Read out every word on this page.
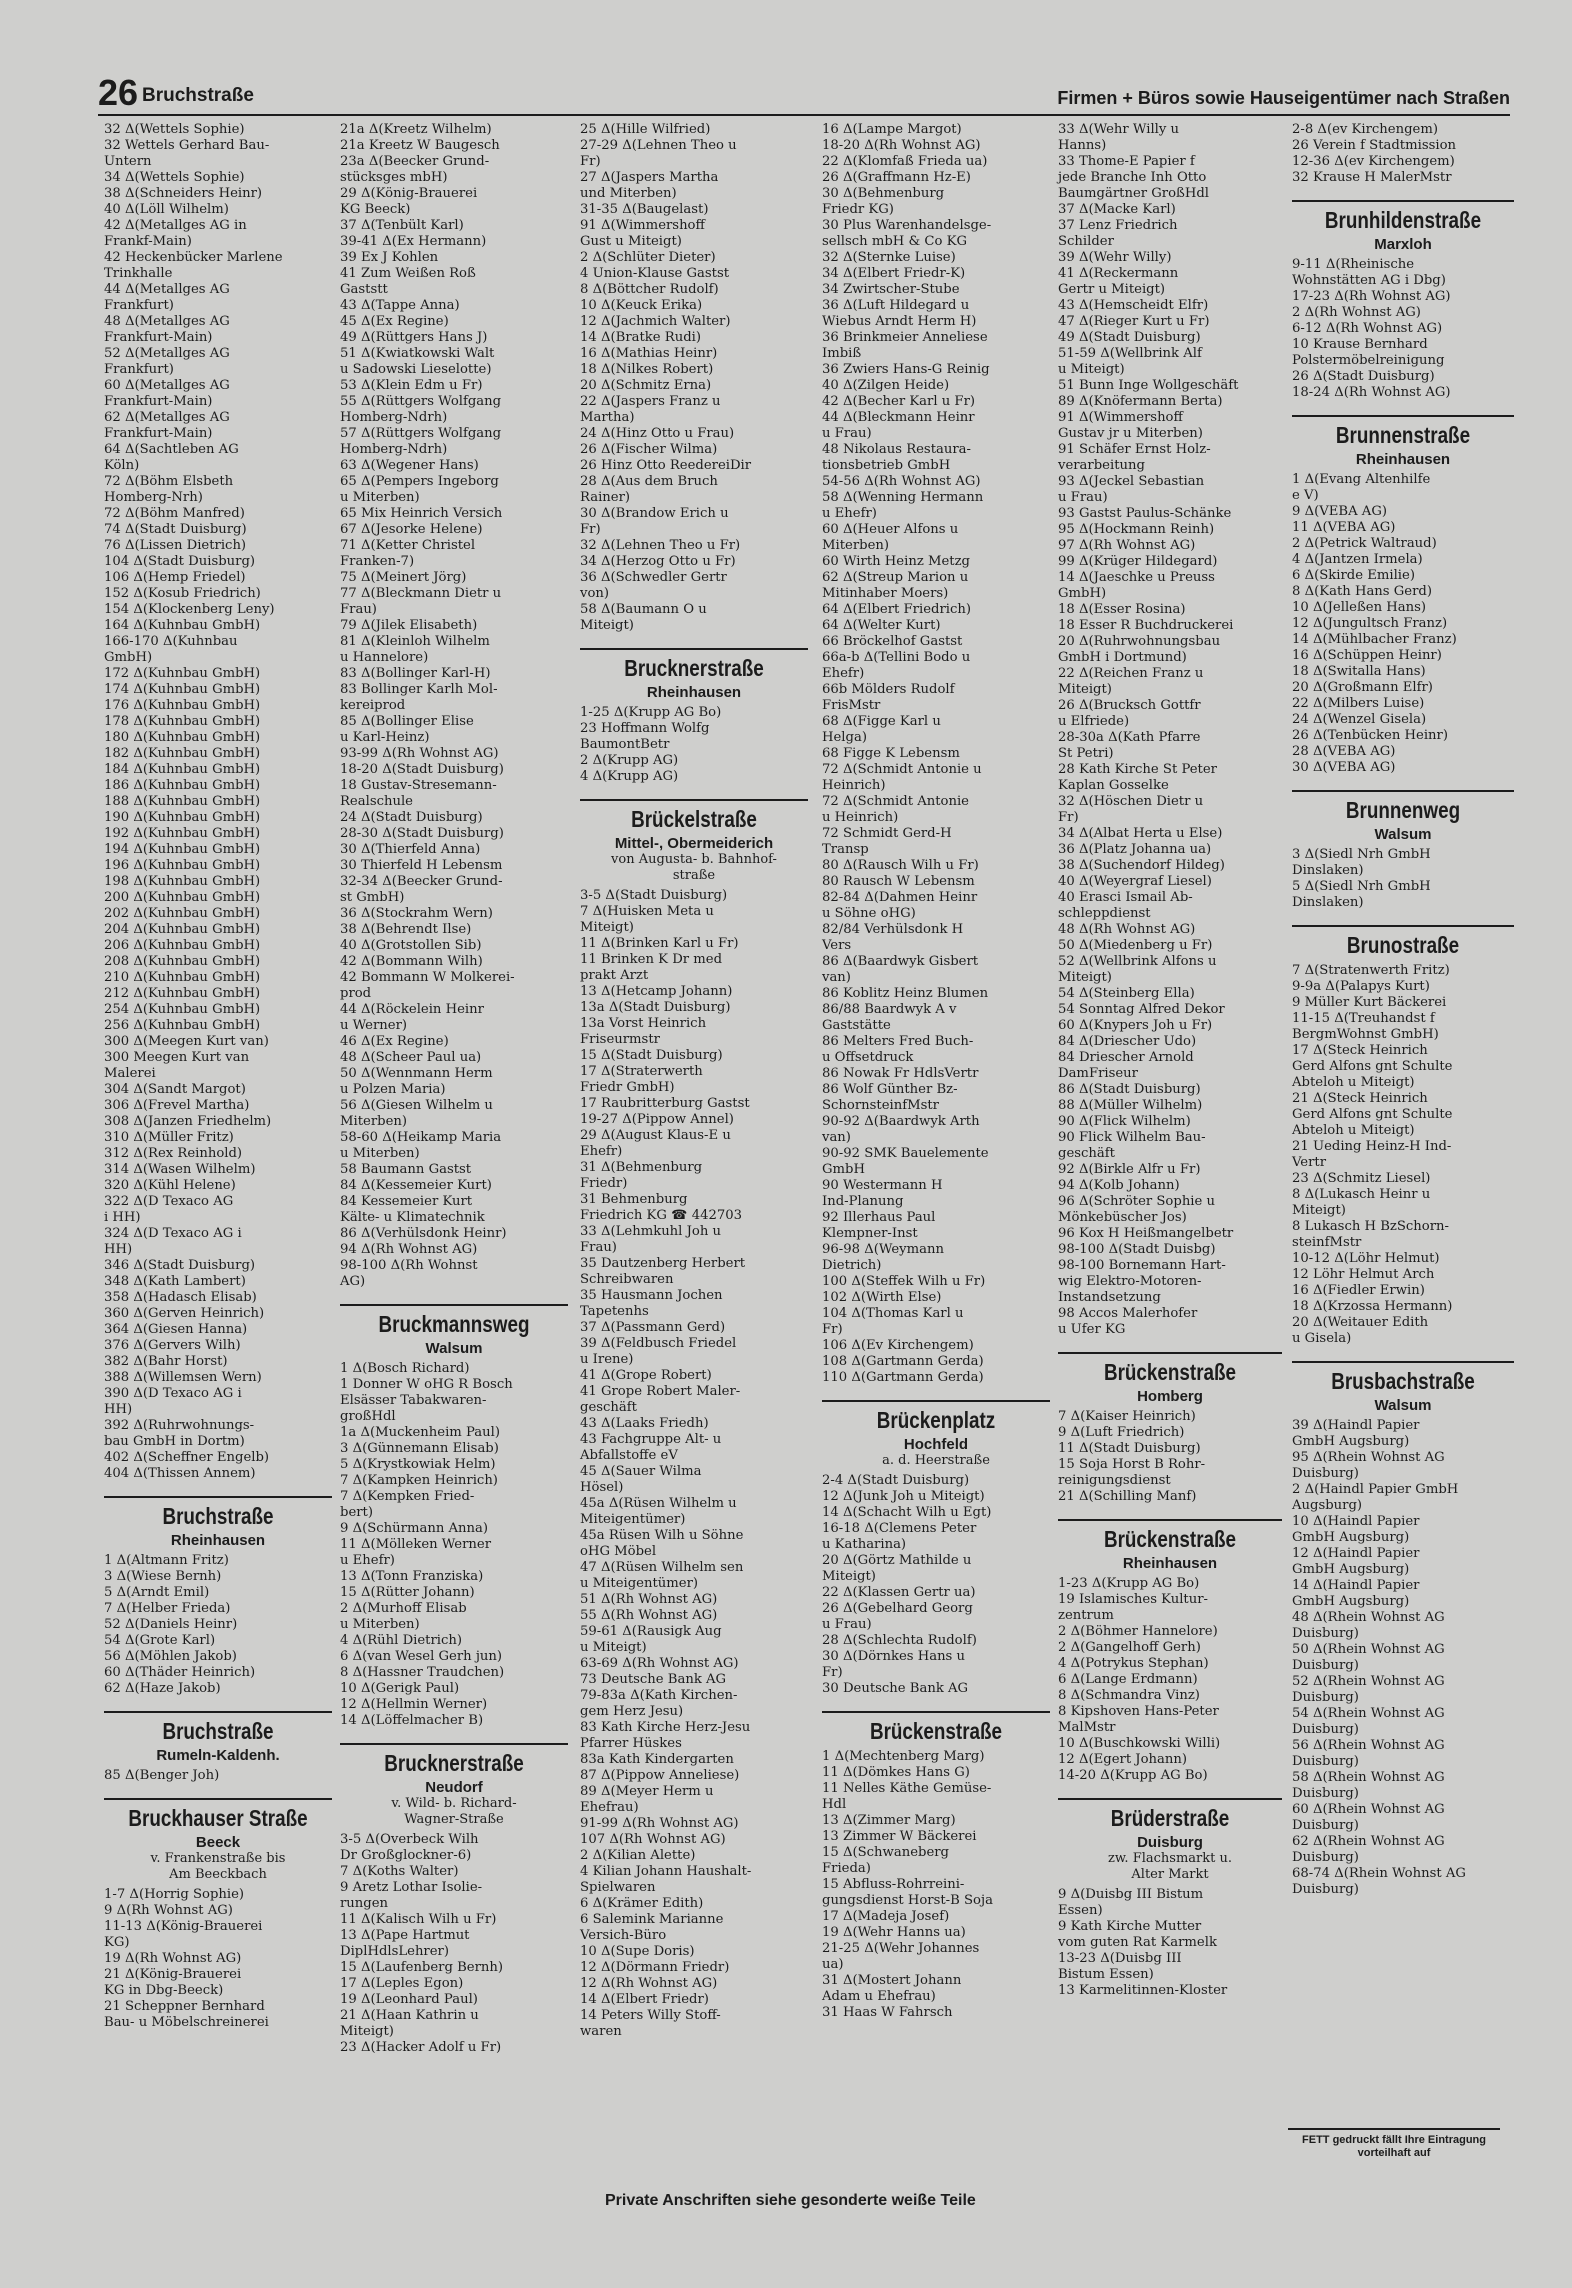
26 Bruchstraße	Firmen + Büros sowie Hauseigentümer nach Straßen
32 Δ(Wettels Sophie)
32 Wettels Gerhard Bau-
Untern
34 Δ(Wettels Sophie)
38 Δ(Schneiders Heinr)
40 Δ(Löll Wilhelm)
42 Δ(Metallges AG in
Frankf-Main)
42 Heckenbücker Marlene
Trinkhalle
44 Δ(Metallges AG
Frankfurt)
48 Δ(Metallges AG
Frankfurt-Main)
52 Δ(Metallges AG
Frankfurt)
60 Δ(Metallges AG
Frankfurt-Main)
62 Δ(Metallges AG
Frankfurt-Main)
64 Δ(Sachtleben AG
Köln)
72 Δ(Böhm Elsbeth
Homberg-Nrh)
72 Δ(Böhm Manfred)
74 Δ(Stadt Duisburg)
76 Δ(Lissen Dietrich)
104 Δ(Stadt Duisburg)
106 Δ(Hemp Friedel)
152 Δ(Kosub Friedrich)
154 Δ(Klockenberg Leny)
164 Δ(Kuhnbau GmbH)
166-170 Δ(Kuhnbau
GmbH)
172 Δ(Kuhnbau GmbH)
174 Δ(Kuhnbau GmbH)
176 Δ(Kuhnbau GmbH)
178 Δ(Kuhnbau GmbH)
180 Δ(Kuhnbau GmbH)
182 Δ(Kuhnbau GmbH)
184 Δ(Kuhnbau GmbH)
186 Δ(Kuhnbau GmbH)
188 Δ(Kuhnbau GmbH)
190 Δ(Kuhnbau GmbH)
192 Δ(Kuhnbau GmbH)
194 Δ(Kuhnbau GmbH)
196 Δ(Kuhnbau GmbH)
198 Δ(Kuhnbau GmbH)
200 Δ(Kuhnbau GmbH)
202 Δ(Kuhnbau GmbH)
204 Δ(Kuhnbau GmbH)
206 Δ(Kuhnbau GmbH)
208 Δ(Kuhnbau GmbH)
210 Δ(Kuhnbau GmbH)
212 Δ(Kuhnbau GmbH)
254 Δ(Kuhnbau GmbH)
256 Δ(Kuhnbau GmbH)
300 Δ(Meegen Kurt van)
300 Meegen Kurt van
Malerei
304 Δ(Sandt Margot)
306 Δ(Frevel Martha)
308 Δ(Janzen Friedhelm)
310 Δ(Müller Fritz)
312 Δ(Rex Reinhold)
314 Δ(Wasen Wilhelm)
320 Δ(Kühl Helene)
322 Δ(D Texaco AG
i HH)
324 Δ(D Texaco AG i
HH)
346 Δ(Stadt Duisburg)
348 Δ(Kath Lambert)
358 Δ(Hadasch Elisab)
360 Δ(Gerven Heinrich)
364 Δ(Giesen Hanna)
376 Δ(Gervers Wilh)
382 Δ(Bahr Horst)
388 Δ(Willemsen Wern)
390 Δ(D Texaco AG i
HH)
392 Δ(Ruhrwohnungs-
bau GmbH in Dortm)
402 Δ(Scheffner Engelb)
404 Δ(Thissen Annem)
Bruchstraße
Rheinhausen
1 Δ(Altmann Fritz)
3 Δ(Wiese Bernh)
5 Δ(Arndt Emil)
7 Δ(Helber Frieda)
52 Δ(Daniels Heinr)
54 Δ(Grote Karl)
56 Δ(Möhlen Jakob)
60 Δ(Thäder Heinrich)
62 Δ(Haze Jakob)
Bruchstraße
Rumeln-Kaldenh.
85 Δ(Benger Joh)
Bruckhauser Straße
Beeck
v. Frankenstraße bis
Am Beeckbach
1-7 Δ(Horrig Sophie)
9 Δ(Rh Wohnst AG)
11-13 Δ(König-Brauerei
KG)
19 Δ(Rh Wohnst AG)
21 Δ(König-Brauerei
KG in Dbg-Beeck)
21 Scheppner Bernhard
Bau- u Möbelschreinerei
21a Δ(Kreetz Wilhelm)
21a Kreetz W Baugesch
23a Δ(Beecker Grund-
stücksges mbH)
29 Δ(König-Brauerei
KG Beeck)
37 Δ(Tenbült Karl)
39-41 Δ(Ex Hermann)
39 Ex J Kohlen
41 Zum Weißen Roß
Gaststt
43 Δ(Tappe Anna)
45 Δ(Ex Regine)
49 Δ(Rüttgers Hans J)
51 Δ(Kwiatkowski Walt
u Sadowski Lieselotte)
53 Δ(Klein Edm u Fr)
55 Δ(Rüttgers Wolfgang
Homberg-Ndrh)
57 Δ(Rüttgers Wolfgang
Homberg-Ndrh)
63 Δ(Wegener Hans)
65 Δ(Pempers Ingeborg
u Miterben)
65 Mix Heinrich Versich
67 Δ(Jesorke Helene)
71 Δ(Ketter Christel
Franken-7)
75 Δ(Meinert Jörg)
77 Δ(Bleckmann Dietr u
Frau)
79 Δ(Jilek Elisabeth)
81 Δ(Kleinloh Wilhelm
u Hannelore)
83 Δ(Bollinger Karl-H)
83 Bollinger Karlh Mol-
kereiprod
85 Δ(Bollinger Elise
u Karl-Heinz)
93-99 Δ(Rh Wohnst AG)
18-20 Δ(Stadt Duisburg)
18 Gustav-Stresemann-
Realschule
24 Δ(Stadt Duisburg)
28-30 Δ(Stadt Duisburg)
30 Δ(Thierfeld Anna)
30 Thierfeld H Lebensm
32-34 Δ(Beecker Grund-
st GmbH)
36 Δ(Stockrahm Wern)
38 Δ(Behrendt Ilse)
40 Δ(Grotstollen Sib)
42 Δ(Bommann Wilh)
42 Bommann W Molkerei-
prod
44 Δ(Röckelein Heinr
u Werner)
46 Δ(Ex Regine)
48 Δ(Scheer Paul ua)
50 Δ(Wennmann Herm
u Polzen Maria)
56 Δ(Giesen Wilhelm u
Miterben)
58-60 Δ(Heikamp Maria
u Miterben)
58 Baumann Gastst
84 Δ(Kessemeier Kurt)
84 Kessemeier Kurt
Kälte- u Klimatechnik
86 Δ(Verhülsdonk Heinr)
94 Δ(Rh Wohnst AG)
98-100 Δ(Rh Wohnst
AG)
Bruckmannsweg
Walsum
1 Δ(Bosch Richard)
1 Donner W oHG R Bosch
Elsässer Tabakwaren-
großHdl
1a Δ(Muckenheim Paul)
3 Δ(Günnemann Elisab)
5 Δ(Krystkowiak Helm)
7 Δ(Kampken Heinrich)
7 Δ(Kempken Fried-
bert)
9 Δ(Schürmann Anna)
11 Δ(Mölleken Werner
u Ehefr)
13 Δ(Tonn Franziska)
15 Δ(Rütter Johann)
2 Δ(Murhoff Elisab
u Miterben)
4 Δ(Rühl Dietrich)
6 Δ(van Wesel Gerh jun)
8 Δ(Hassner Traudchen)
10 Δ(Gerigk Paul)
12 Δ(Hellmin Werner)
14 Δ(Löffelmacher B)
Brucknerstraße
Neudorf
v. Wild- b. Richard-
Wagner-Straße
3-5 Δ(Overbeck Wilh
Dr Großglockner-6)
7 Δ(Koths Walter)
9 Aretz Lothar Isolie-
rungen
11 Δ(Kalisch Wilh u Fr)
13 Δ(Pape Hartmut
DiplHdlsLehrer)
15 Δ(Laufenberg Bernh)
17 Δ(Leples Egon)
19 Δ(Leonhard Paul)
21 Δ(Haan Kathrin u
Miteigt)
23 Δ(Hacker Adolf u Fr)
25 Δ(Hille Wilfried)
27-29 Δ(Lehnen Theo u
Fr)
27 Δ(Jaspers Martha
und Miterben)
31-35 Δ(Baugelast)
91 Δ(Wimmershoff
Gust u Miteigt)
2 Δ(Schlüter Dieter)
4 Union-Klause Gastst
8 Δ(Böttcher Rudolf)
10 Δ(Keuck Erika)
12 Δ(Jachmich Walter)
14 Δ(Bratke Rudi)
16 Δ(Mathias Heinr)
18 Δ(Nilkes Robert)
20 Δ(Schmitz Erna)
22 Δ(Jaspers Franz u
Martha)
24 Δ(Hinz Otto u Frau)
26 Δ(Fischer Wilma)
26 Hinz Otto ReedereiDir
28 Δ(Aus dem Bruch
Rainer)
30 Δ(Brandow Erich u
Fr)
32 Δ(Lehnen Theo u Fr)
34 Δ(Herzog Otto u Fr)
36 Δ(Schwedler Gertr
von)
58 Δ(Baumann O u
Miteigt)
Brucknerstraße
Rheinhausen
1-25 Δ(Krupp AG Bo)
23 Hoffmann Wolfg
BaumontBetr
2 Δ(Krupp AG)
4 Δ(Krupp AG)
Brückelstraße
Mittel-, Obermeiderich
von Augusta- b. Bahnhof-
straße
3-5 Δ(Stadt Duisburg)
7 Δ(Huisken Meta u
Miteigt)
11 Δ(Brinken Karl u Fr)
11 Brinken K Dr med
prakt Arzt
13 Δ(Hetcamp Johann)
13a Δ(Stadt Duisburg)
13a Vorst Heinrich
Friseurmstr
15 Δ(Stadt Duisburg)
17 Δ(Straterwerth
Friedr GmbH)
17 Raubritterburg Gastst
19-27 Δ(Pippow Annel)
29 Δ(August Klaus-E u
Ehefr)
31 Δ(Behmenburg
Friedr)
31 Behmenburg
Friedrich KG ☎ 442703
33 Δ(Lehmkuhl Joh u
Frau)
35 Dautzenberg Herbert
Schreibwaren
35 Hausmann Jochen
Tapetenhs
37 Δ(Passmann Gerd)
39 Δ(Feldbusch Friedel
u Irene)
41 Δ(Grope Robert)
41 Grope Robert Maler-
geschäft
43 Δ(Laaks Friedh)
43 Fachgruppe Alt- u
Abfallstoffe eV
45 Δ(Sauer Wilma
Hösel)
45a Δ(Rüsen Wilhelm u
Miteigentümer)
45a Rüsen Wilh u Söhne
oHG Möbel
47 Δ(Rüsen Wilhelm sen
u Miteigentümer)
51 Δ(Rh Wohnst AG)
55 Δ(Rh Wohnst AG)
59-61 Δ(Rausigk Aug
u Miteigt)
63-69 Δ(Rh Wohnst AG)
73 Deutsche Bank AG
79-83a Δ(Kath Kirchen-
gem Herz Jesu)
83 Kath Kirche Herz-Jesu
Pfarrer Hüskes
83a Kath Kindergarten
87 Δ(Pippow Anneliese)
89 Δ(Meyer Herm u
Ehefrau)
91-99 Δ(Rh Wohnst AG)
107 Δ(Rh Wohnst AG)
2 Δ(Kilian Alette)
4 Kilian Johann Haushalt-
Spielwaren
6 Δ(Krämer Edith)
6 Salemink Marianne
Versich-Büro
10 Δ(Supe Doris)
12 Δ(Dörmann Friedr)
12 Δ(Rh Wohnst AG)
14 Δ(Elbert Friedr)
14 Peters Willy Stoff-
waren
16 Δ(Lampe Margot)
18-20 Δ(Rh Wohnst AG)
22 Δ(Klomfaß Frieda ua)
26 Δ(Graffmann Hz-E)
30 Δ(Behmenburg
Friedr KG)
30 Plus Warenhandelsge-
sellsch mbH & Co KG
32 Δ(Sternke Luise)
34 Δ(Elbert Friedr-K)
34 Zwirtscher-Stube
36 Δ(Luft Hildegard u
Wiebus Arndt Herm H)
36 Brinkmeier Anneliese
Imbiß
36 Zwiers Hans-G Reinig
40 Δ(Zilgen Heide)
42 Δ(Becher Karl u Fr)
44 Δ(Bleckmann Heinr
u Frau)
48 Nikolaus Restaura-
tionsbetrieb GmbH
54-56 Δ(Rh Wohnst AG)
58 Δ(Wenning Hermann
u Ehefr)
60 Δ(Heuer Alfons u
Miterben)
60 Wirth Heinz Metzg
62 Δ(Streup Marion u
Mitinhaber Moers)
64 Δ(Elbert Friedrich)
64 Δ(Welter Kurt)
66 Bröckelhof Gastst
66a-b Δ(Tellini Bodo u
Ehefr)
66b Mölders Rudolf
FrisMstr
68 Δ(Figge Karl u
Helga)
68 Figge K Lebensm
72 Δ(Schmidt Antonie u
Heinrich)
72 Δ(Schmidt Antonie
u Heinrich)
72 Schmidt Gerd-H
Transp
80 Δ(Rausch Wilh u Fr)
80 Rausch W Lebensm
82-84 Δ(Dahmen Heinr
u Söhne oHG)
82/84 Verhülsdonk H
Vers
86 Δ(Baardwyk Gisbert
van)
86 Koblitz Heinz Blumen
86/88 Baardwyk A v
Gaststätte
86 Melters Fred Buch-
u Offsetdruck
86 Nowak Fr HdlsVertr
86 Wolf Günther Bz-
SchornsteinfMstr
90-92 Δ(Baardwyk Arth
van)
90-92 SMK Bauelemente
GmbH
90 Westermann H
Ind-Planung
92 Illerhaus Paul
Klempner-Inst
96-98 Δ(Weymann
Dietrich)
100 Δ(Steffek Wilh u Fr)
102 Δ(Wirth Else)
104 Δ(Thomas Karl u
Fr)
106 Δ(Ev Kirchengem)
108 Δ(Gartmann Gerda)
110 Δ(Gartmann Gerda)
Brückenplatz
Hochfeld
a. d. Heerstraße
2-4 Δ(Stadt Duisburg)
12 Δ(Junk Joh u Miteigt)
14 Δ(Schacht Wilh u Egt)
16-18 Δ(Clemens Peter
u Katharina)
20 Δ(Görtz Mathilde u
Miteigt)
22 Δ(Klassen Gertr ua)
26 Δ(Gebelhard Georg
u Frau)
28 Δ(Schlechta Rudolf)
30 Δ(Dörnkes Hans u
Fr)
30 Deutsche Bank AG
Brückenstraße
1 Δ(Mechtenberg Marg)
11 Δ(Dömkes Hans G)
11 Nelles Käthe Gemüse-
Hdl
13 Δ(Zimmer Marg)
13 Zimmer W Bäckerei
15 Δ(Schwaneberg
Frieda)
15 Abfluss-Rohrreini-
gungsdienst Horst-B Soja
17 Δ(Madeja Josef)
19 Δ(Wehr Hanns ua)
21-25 Δ(Wehr Johannes
ua)
31 Δ(Mostert Johann
Adam u Ehefrau)
31 Haas W Fahrsch
33 Δ(Wehr Willy u
Hanns)
33 Thome-E Papier f
jede Branche Inh Otto
Baumgärtner GroßHdl
37 Δ(Macke Karl)
37 Lenz Friedrich
Schilder
39 Δ(Wehr Willy)
41 Δ(Reckermann
Gertr u Miteigt)
43 Δ(Hemscheidt Elfr)
47 Δ(Rieger Kurt u Fr)
49 Δ(Stadt Duisburg)
51-59 Δ(Wellbrink Alf
u Miteigt)
51 Bunn Inge Wollgeschäft
89 Δ(Knöfermann Berta)
91 Δ(Wimmershoff
Gustav jr u Miterben)
91 Schäfer Ernst Holz-
verarbeitung
93 Δ(Jeckel Sebastian
u Frau)
93 Gastst Paulus-Schänke
95 Δ(Hockmann Reinh)
97 Δ(Rh Wohnst AG)
99 Δ(Krüger Hildegard)
14 Δ(Jaeschke u Preuss
GmbH)
18 Δ(Esser Rosina)
18 Esser R Buchdruckerei
20 Δ(Ruhrwohnungsbau
GmbH i Dortmund)
22 Δ(Reichen Franz u
Miteigt)
26 Δ(Brucksch Gottfr
u Elfriede)
28-30a Δ(Kath Pfarre
St Petri)
28 Kath Kirche St Peter
Kaplan Gosselke
32 Δ(Höschen Dietr u
Fr)
34 Δ(Albat Herta u Else)
36 Δ(Platz Johanna ua)
38 Δ(Suchendorf Hildeg)
40 Δ(Weyergraf Liesel)
40 Erasci Ismail Ab-
schleppdienst
48 Δ(Rh Wohnst AG)
50 Δ(Miedenberg u Fr)
52 Δ(Wellbrink Alfons u
Miteigt)
54 Δ(Steinberg Ella)
54 Sonntag Alfred Dekor
60 Δ(Knypers Joh u Fr)
84 Δ(Driescher Udo)
84 Driescher Arnold
DamFriseur
86 Δ(Stadt Duisburg)
88 Δ(Müller Wilhelm)
90 Δ(Flick Wilhelm)
90 Flick Wilhelm Bau-
geschäft
92 Δ(Birkle Alfr u Fr)
94 Δ(Kolb Johann)
96 Δ(Schröter Sophie u
Mönkebüscher Jos)
96 Kox H Heißmangelbetr
98-100 Δ(Stadt Duisbg)
98-100 Bornemann Hart-
wig Elektro-Motoren-
Instandsetzung
98 Accos Malerhofer
u Ufer KG
Brückenstraße
Homberg
7 Δ(Kaiser Heinrich)
9 Δ(Luft Friedrich)
11 Δ(Stadt Duisburg)
15 Soja Horst B Rohr-
reinigungsdienst
21 Δ(Schilling Manf)
Brückenstraße
Rheinhausen
1-23 Δ(Krupp AG Bo)
19 Islamisches Kultur-
zentrum
2 Δ(Böhmer Hannelore)
2 Δ(Gangelhoff Gerh)
4 Δ(Potrykus Stephan)
6 Δ(Lange Erdmann)
8 Δ(Schmandra Vinz)
8 Kipshoven Hans-Peter
MalMstr
10 Δ(Buschkowski Willi)
12 Δ(Egert Johann)
14-20 Δ(Krupp AG Bo)
Brüderstraße
Duisburg
zw. Flachsmarkt u.
Alter Markt
9 Δ(Duisbg III Bistum
Essen)
9 Kath Kirche Mutter
vom guten Rat Karmelk
13-23 Δ(Duisbg III
Bistum Essen)
13 Karmelitinnen-Kloster
2-8 Δ(ev Kirchengem)
26 Verein f Stadtmission
12-36 Δ(ev Kirchengem)
32 Krause H MalerMstr
Brunhildenstraße
Marxloh
9-11 Δ(Rheinische
Wohnstätten AG i Dbg)
17-23 Δ(Rh Wohnst AG)
2 Δ(Rh Wohnst AG)
6-12 Δ(Rh Wohnst AG)
10 Krause Bernhard
Polstermöbelreinigung
26 Δ(Stadt Duisburg)
18-24 Δ(Rh Wohnst AG)
Brunnenstraße
Rheinhausen
1 Δ(Evang Altenhilfe
e V)
9 Δ(VEBA AG)
11 Δ(VEBA AG)
2 Δ(Petrick Waltraud)
4 Δ(Jantzen Irmela)
6 Δ(Skirde Emilie)
8 Δ(Kath Hans Gerd)
10 Δ(Jelleßen Hans)
12 Δ(Jungultsch Franz)
14 Δ(Mühlbacher Franz)
16 Δ(Schüppen Heinr)
18 Δ(Switalla Hans)
20 Δ(Großmann Elfr)
22 Δ(Milbers Luise)
24 Δ(Wenzel Gisela)
26 Δ(Tenbücken Heinr)
28 Δ(VEBA AG)
30 Δ(VEBA AG)
Brunnenweg
Walsum
3 Δ(Siedl Nrh GmbH
Dinslaken)
5 Δ(Siedl Nrh GmbH
Dinslaken)
Brunostraße
7 Δ(Stratenwerth Fritz)
9-9a Δ(Palapys Kurt)
9 Müller Kurt Bäckerei
11-15 Δ(Treuhandst f
BergmWohnst GmbH)
17 Δ(Steck Heinrich
Gerd Alfons gnt Schulte
Abteloh u Miteigt)
21 Δ(Steck Heinrich
Gerd Alfons gnt Schulte
Abteloh u Miteigt)
21 Ueding Heinz-H Ind-
Vertr
23 Δ(Schmitz Liesel)
8 Δ(Lukasch Heinr u
Miteigt)
8 Lukasch H BzSchorn-
steinfMstr
10-12 Δ(Löhr Helmut)
12 Löhr Helmut Arch
16 Δ(Fiedler Erwin)
18 Δ(Krzossa Hermann)
20 Δ(Weitauer Edith
u Gisela)
Brusbachstraße
Walsum
39 Δ(Haindl Papier
GmbH Augsburg)
95 Δ(Rhein Wohnst AG
Duisburg)
2 Δ(Haindl Papier GmbH
Augsburg)
10 Δ(Haindl Papier
GmbH Augsburg)
12 Δ(Haindl Papier
GmbH Augsburg)
14 Δ(Haindl Papier
GmbH Augsburg)
48 Δ(Rhein Wohnst AG
Duisburg)
50 Δ(Rhein Wohnst AG
Duisburg)
52 Δ(Rhein Wohnst AG
Duisburg)
54 Δ(Rhein Wohnst AG
Duisburg)
56 Δ(Rhein Wohnst AG
Duisburg)
58 Δ(Rhein Wohnst AG
Duisburg)
60 Δ(Rhein Wohnst AG
Duisburg)
62 Δ(Rhein Wohnst AG
Duisburg)
68-74 Δ(Rhein Wohnst AG
Duisburg)
FETT gedruckt fällt Ihre Eintragung vorteilhaft auf
Private Anschriften siehe gesonderte weiße Teile
